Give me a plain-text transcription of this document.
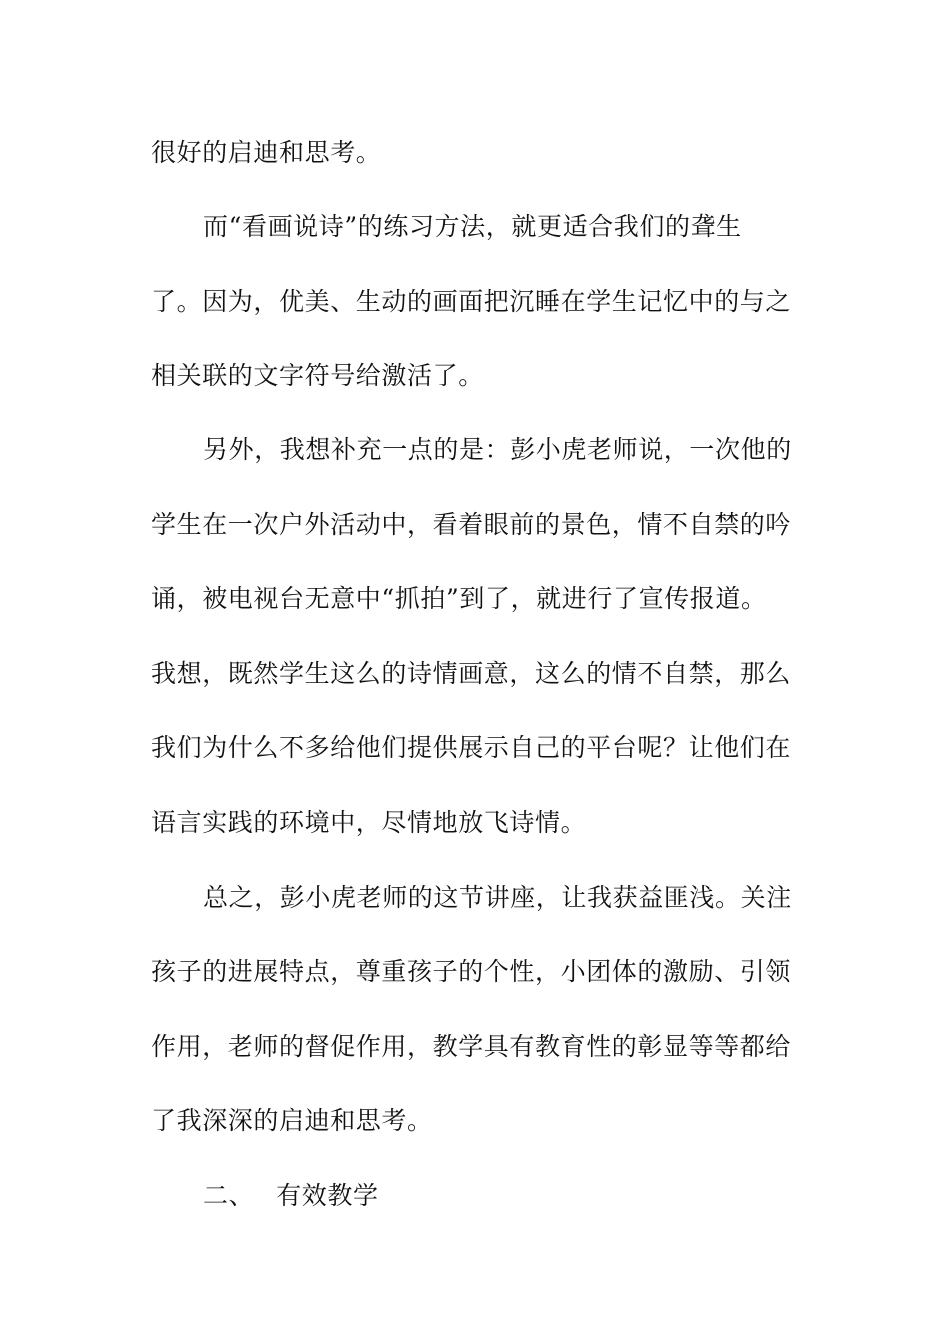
很好的启迪和思考。
而“看画说诗”的练习方法，就更适合我们的聋生
了。因为，优美、生动的画面把沉睡在学生记忆中的与之
相关联的文字符号给激活了。
另外，我想补充一点的是：彭小虎老师说，一次他的
学生在一次户外活动中，看着眼前的景色，情不自禁的吟
诵，被电视台无意中“抓拍”到了，就进行了宣传报道。
我想，既然学生这么的诗情画意，这么的情不自禁，那么
我们为什么不多给他们提供展示自己的平台呢？让他们在
语言实践的环境中，尽情地放飞诗情。
总之，彭小虎老师的这节讲座，让我获益匪浅。关注
孩子的进展特点，尊重孩子的个性，小团体的激励、引领
作用，老师的督促作用，教学具有教育性的彰显等等都给
了我深深的启迪和思考。
二、 有效教学
